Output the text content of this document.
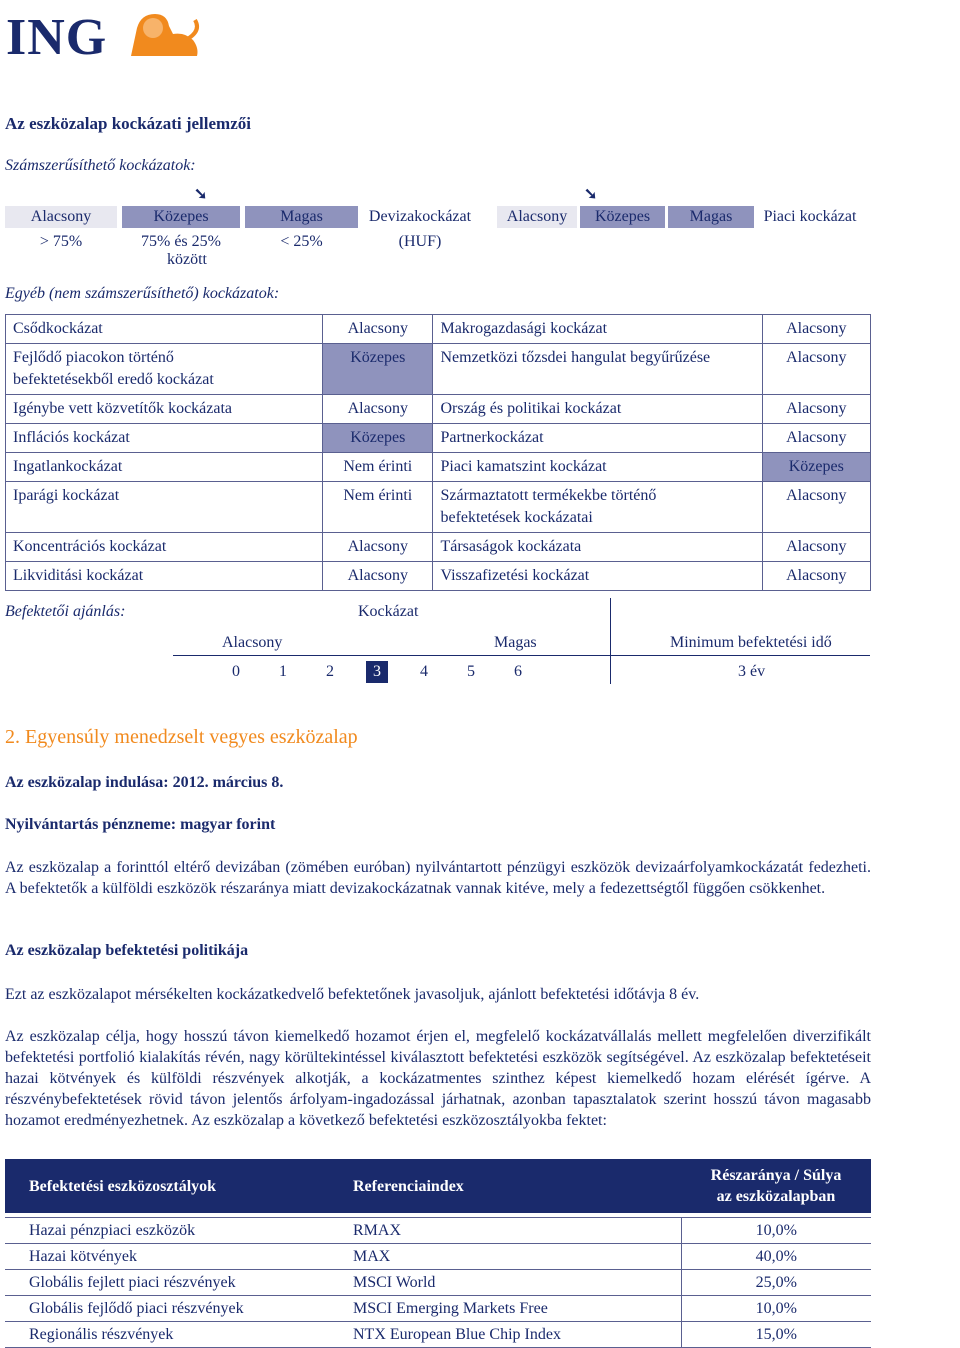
ING
Az eszközalap kockázati jellemzői
Számszerűsíthető kockázatok:
➘	➘
Alacsony	Közepes	Magas	Devizakockázat	Alacsony	Közepes	Magas	Piaci kockázat
> 75%	75% és 25%
között
< 25%	(HUF)
Egyéb (nem számszerűsíthető) kockázatok:
Csődkockázat	Alacsony	Makrogazdasági kockázat	Alacsony
Fejlődő piacokon történő
befektetésekből eredő kockázat	Közepes	Nemzetközi tőzsdei hangulat begyűrűzése	Alacsony
Igénybe vett közvetítők kockázata	Alacsony	Ország és politikai kockázat	Alacsony
Inflációs kockázat	Közepes	Partnerkockázat	Alacsony
Ingatlankockázat	Nem érinti	Piaci kamatszint kockázat	Közepes
Iparági kockázat	Nem érinti	Származtatott termékekbe történő
befektetések kockázatai	Alacsony
Koncentrációs kockázat	Alacsony	Társaságok kockázata	Alacsony
Likviditási kockázat	Alacsony	Visszafizetési kockázat	Alacsony
Befektetői ajánlás:	Kockázat
Alacsony	Magas	Minimum befektetési idő
0	1	2	3	4	5	6	3 év
2. Egyensúly menedzselt vegyes eszközalap
Az eszközalap indulása: 2012. március 8.
Nyilvántartás pénzneme: magyar forint

Az eszközalap a forinttól eltérő devizában (zömében euróban) nyilvántartott pénzügyi eszközök devizaárfolyamkockázatát fedezheti. A befektetők a külföldi eszközök részaránya miatt devizakockázatnak vannak kitéve, mely a fedezettségtől függően csökkenhet.

Az eszközalap befektetési politikája

Ezt az eszközalapot mérsékelten kockázatkedvelő befektetőnek javasoljuk, ajánlott befektetési időtávja 8 év.

Az eszközalap célja, hogy hosszú távon kiemelkedő hozamot érjen el, megfelelő kockázatvállalás mellett megfelelően diverzifikált befektetési portfolió kialakítás révén, nagy körültekintéssel kiválasztott befektetési eszközök segítségével. Az eszközalap befektetéseit hazai kötvények és külföldi részvények alkotják, a kockázatmentes szinthez képest kiemelkedő hozam elérését ígérve. A részvénybefektetések rövid távon jelentős árfolyam-ingadozással járhatnak, azonban tapasztalatok szerint hosszú távon magasabb hozamot eredményezhetnek. Az eszközalap a következő befektetési eszközosztályokba fektet:

Befektetési eszközosztályok	Referenciaindex	Részaránya / Súlya
az eszközalapban

Hazai pénzpiaci eszközök	RMAX	10,0%
Hazai kötvények	MAX	40,0%
Globális fejlett piaci részvények	MSCI World	25,0%
Globális fejlődő piaci részvények	MSCI Emerging Markets Free	10,0%
Regionális részvények	NTX European Blue Chip Index	15,0%
